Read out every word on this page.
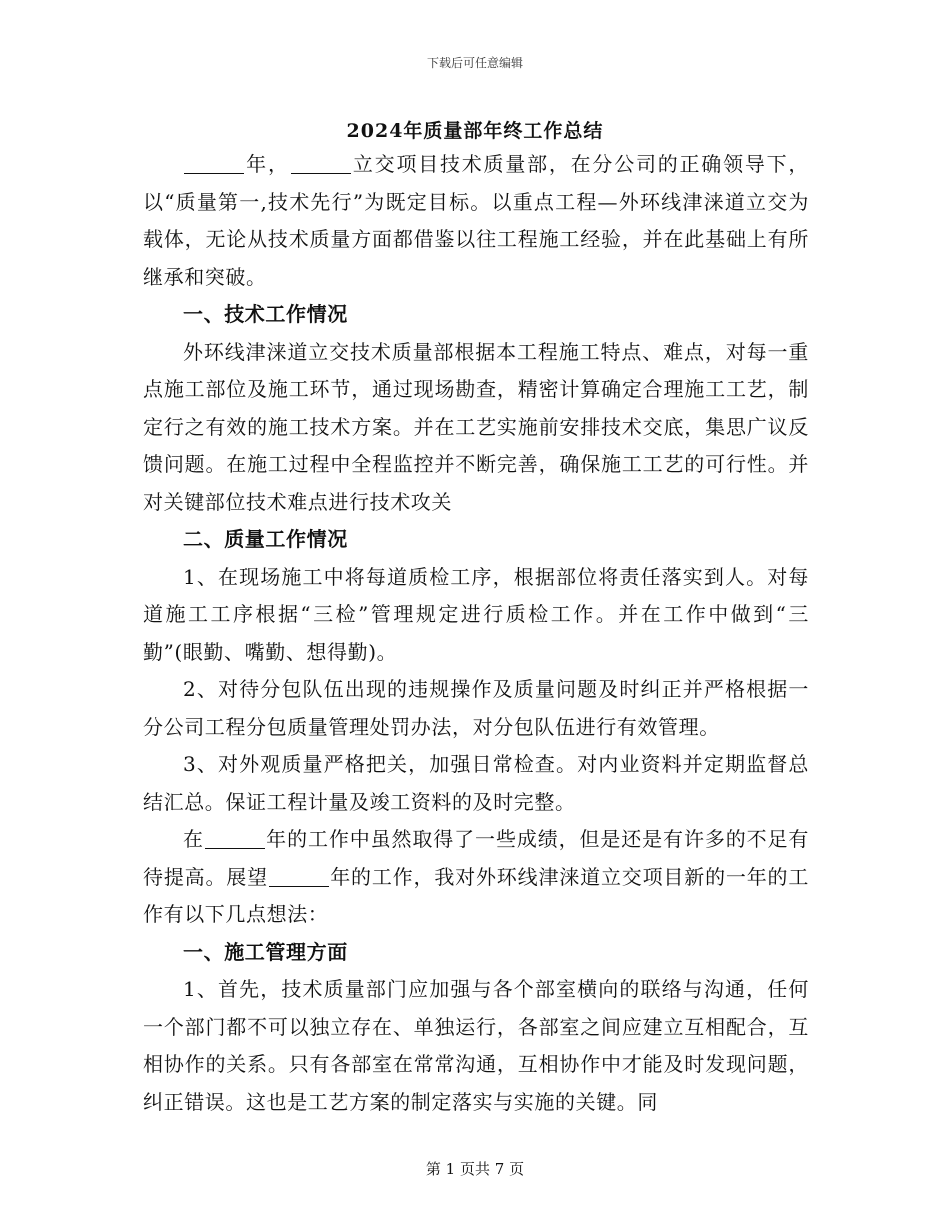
下载后可任意编辑
2024年质量部年终工作总结

年，	立交项目技术质量部，在分公司的正确领导下，以“质量第一,技术先行”为既定目标。以重点工程—外环线津涞道立交为载体，无论从技术质量方面都借鉴以往工程施工经验，并在此基础上有所继承和突破。

一、技术工作情况

外环线津涞道立交技术质量部根据本工程施工特点、难点，对每一重点施工部位及施工环节，通过现场勘查，精密计算确定合理施工工艺，制定行之有效的施工技术方案。并在工艺实施前安排技术交底，集思广议反馈问题。在施工过程中全程监控并不断完善，确保施工工艺的可行性。并对关键部位技术难点进行技术攻关

二、质量工作情况

1、在现场施工中将每道质检工序，根据部位将责任落实到人。对每道施工工序根据“三检”管理规定进行质检工作。并在工作中做到“三勤”(眼勤、嘴勤、想得勤)。

2、对待分包队伍出现的违规操作及质量问题及时纠正并严格根据一分公司工程分包质量管理处罚办法，对分包队伍进行有效管理。

3、对外观质量严格把关，加强日常检查。对内业资料并定期监督总结汇总。保证工程计量及竣工资料的及时完整。

在	年的工作中虽然取得了一些成绩，但是还是有许多的不足有待提高。展望	年的工作，我对外环线津涞道立交项目新的一年的工作有以下几点想法：

一、施工管理方面

1、首先，技术质量部门应加强与各个部室横向的联络与沟通，任何一个部门都不可以独立存在、单独运行，各部室之间应建立互相配合，互相协作的关系。只有各部室在常常沟通，互相协作中才能及时发现问题，纠正错误。这也是工艺方案的制定落实与实施的关键。同

第 1 页共 7 页
